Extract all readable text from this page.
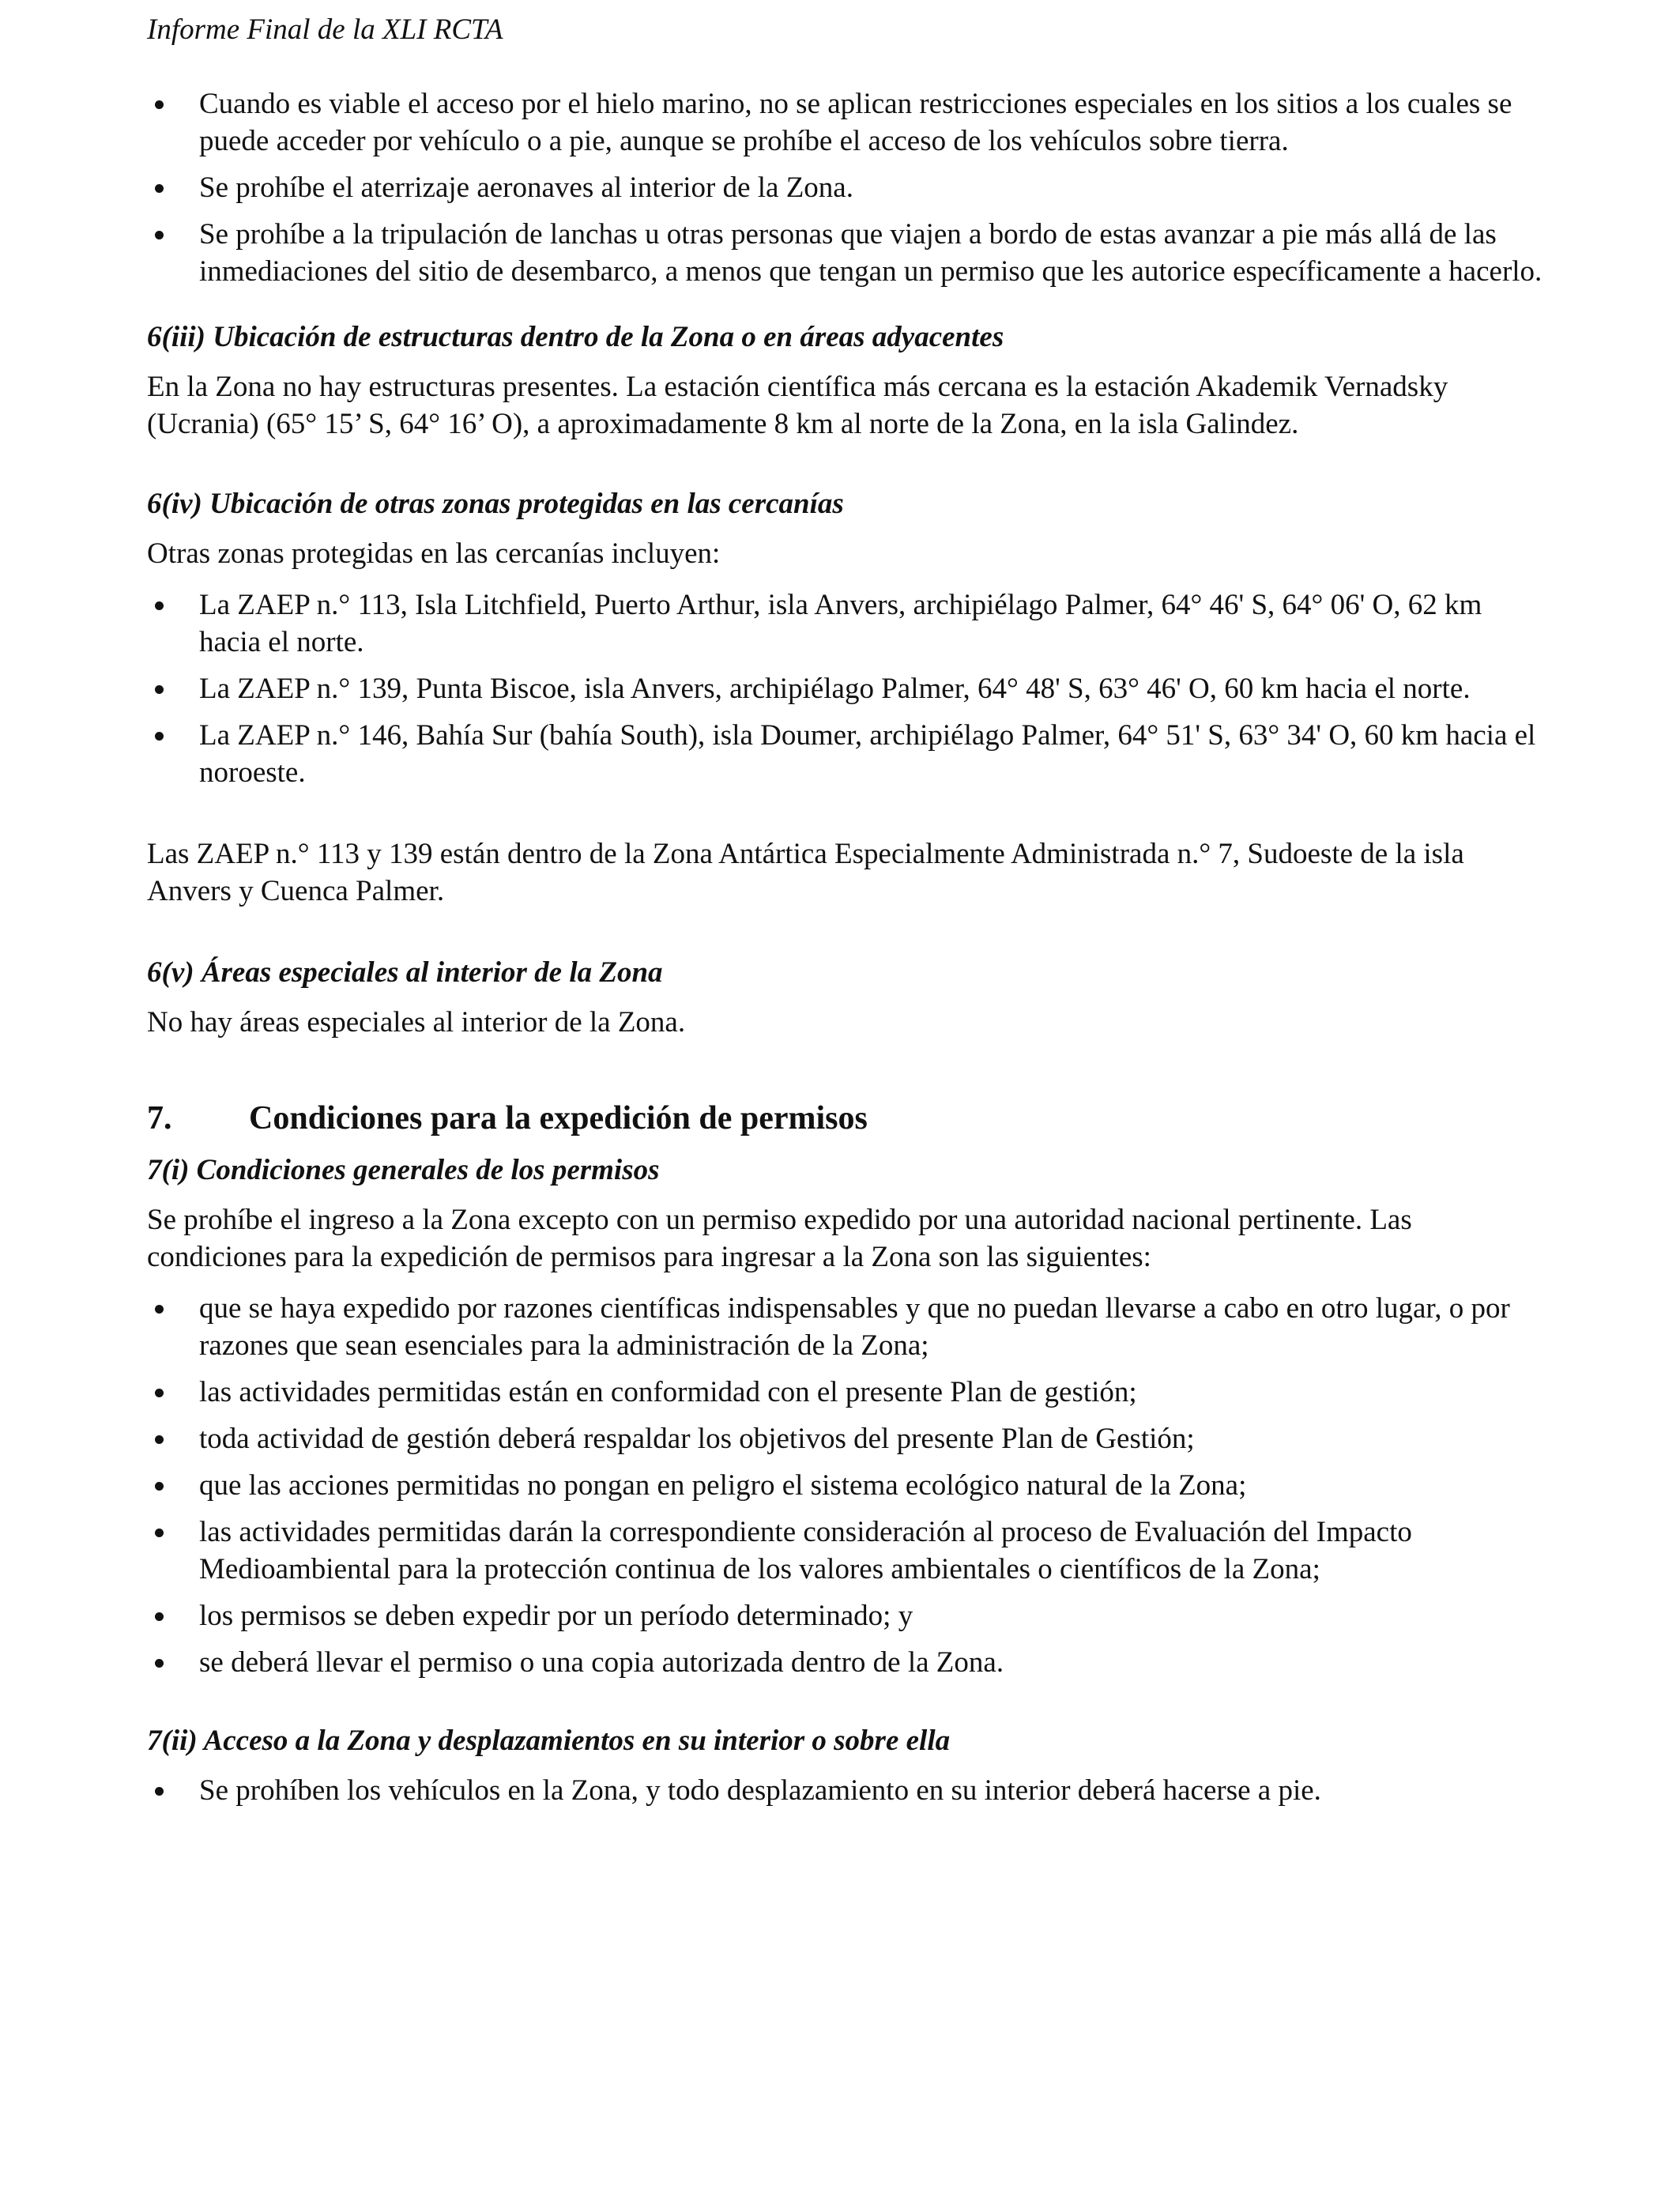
Informe Final de la XLI RCTA
Cuando es viable el acceso por el hielo marino, no se aplican restricciones especiales en los sitios a los cuales se puede acceder por vehículo o a pie, aunque se prohíbe el acceso de los vehículos sobre tierra.
Se prohíbe el aterrizaje aeronaves al interior de la Zona.
Se prohíbe a la tripulación de lanchas u otras personas que viajen a bordo de estas avanzar a pie más allá de las inmediaciones del sitio de desembarco, a menos que tengan un permiso que les autorice específicamente a hacerlo.

6(iii) Ubicación de estructuras dentro de la Zona o en áreas adyacentes

En la Zona no hay estructuras presentes. La estación científica más cercana es la estación Akademik Vernadsky (Ucrania) (65° 15’ S, 64° 16’ O), a aproximadamente 8 km al norte de la Zona, en la isla Galindez.

6(iv) Ubicación de otras zonas protegidas en las cercanías

Otras zonas protegidas en las cercanías incluyen:

La ZAEP n.° 113, Isla Litchfield, Puerto Arthur, isla Anvers, archipiélago Palmer, 64° 46' S, 64° 06' O, 62 km hacia el norte.
La ZAEP n.° 139, Punta Biscoe, isla Anvers, archipiélago Palmer, 64° 48' S, 63° 46' O, 60 km hacia el norte.
La ZAEP n.° 146, Bahía Sur (bahía South), isla Doumer, archipiélago Palmer, 64° 51' S, 63° 34' O, 60 km hacia el noroeste.

Las ZAEP n.° 113 y 139 están dentro de la Zona Antártica Especialmente Administrada n.° 7, Sudoeste de la isla Anvers y Cuenca Palmer.

6(v) Áreas especiales al interior de la Zona

No hay áreas especiales al interior de la Zona.

7.	Condiciones para la expedición de permisos

7(i) Condiciones generales de los permisos

Se prohíbe el ingreso a la Zona excepto con un permiso expedido por una autoridad nacional pertinente. Las condiciones para la expedición de permisos para ingresar a la Zona son las siguientes:

que se haya expedido por razones científicas indispensables y que no puedan llevarse a cabo en otro lugar, o por razones que sean esenciales para la administración de la Zona;
las actividades permitidas están en conformidad con el presente Plan de gestión;
toda actividad de gestión deberá respaldar los objetivos del presente Plan de Gestión;
que las acciones permitidas no pongan en peligro el sistema ecológico natural de la Zona;
las actividades permitidas darán la correspondiente consideración al proceso de Evaluación del Impacto Medioambiental para la protección continua de los valores ambientales o científicos de la Zona;
los permisos se deben expedir por un período determinado; y
se deberá llevar el permiso o una copia autorizada dentro de la Zona.

7(ii) Acceso a la Zona y desplazamientos en su interior o sobre ella

Se prohíben los vehículos en la Zona, y todo desplazamiento en su interior deberá hacerse a pie.
